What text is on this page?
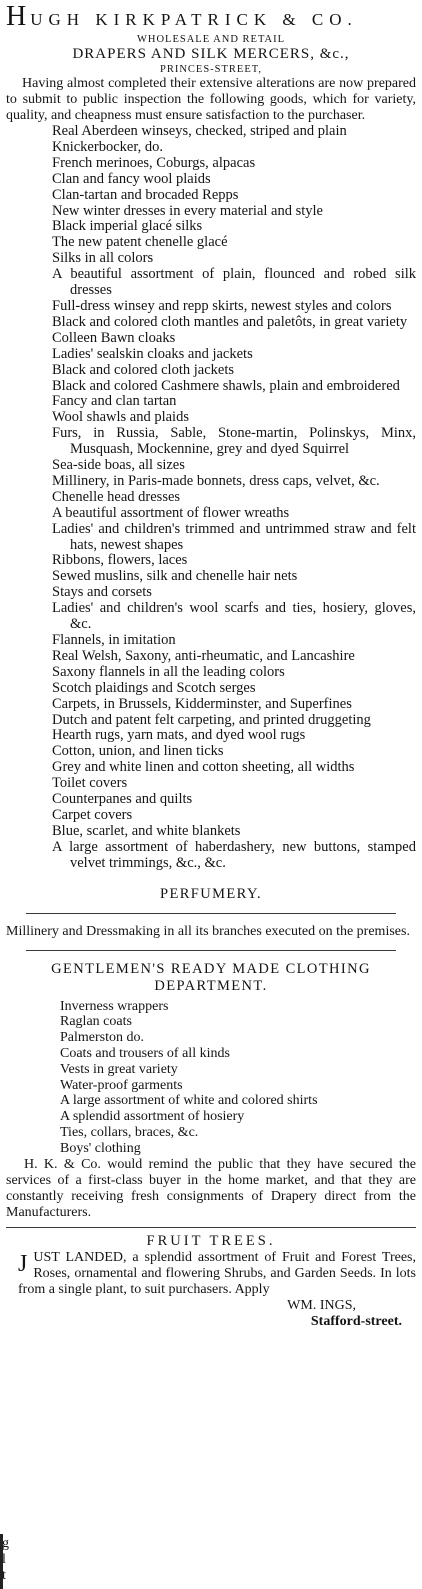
HUGH KIRKPATRICK & CO.
WHOLESALE AND RETAIL
DRAPERS AND SILK MERCERS, &c.,
PRINCES-STREET,

Having almost completed their extensive alterations are now prepared to submit to public inspection the following goods, which for variety, quality, and cheapness must ensure satisfaction to the purchaser.

Real Aberdeen winseys, checked, striped and plain
Knickerbocker, do.
French merinoes, Coburgs, alpacas
Clan and fancy wool plaids
Clan-tartan and brocaded Repps
New winter dresses in every material and style
Black imperial glacé silks
The new patent chenelle glacé
Silks in all colors
A beautiful assortment of plain, flounced and robed silk dresses
Full-dress winsey and repp skirts, newest styles and colors
Black and colored cloth mantles and paletôts, in great variety
Colleen Bawn cloaks
Ladies' sealskin cloaks and jackets
Black and colored cloth jackets
Black and colored Cashmere shawls, plain and embroidered
Fancy and clan tartan
Wool shawls and plaids
Furs, in Russia, Sable, Stone-martin, Polinskys, Minx, Musquash, Mockennine, grey and dyed Squirrel
Sea-side boas, all sizes
Millinery, in Paris-made bonnets, dress caps, velvet, &c.
Chenelle head dresses
A beautiful assortment of flower wreaths
Ladies' and children's trimmed and untrimmed straw and felt hats, newest shapes
Ribbons, flowers, laces
Sewed muslins, silk and chenelle hair nets
Stays and corsets
Ladies' and children's wool scarfs and ties, hosiery, gloves, &c.
Flannels, in imitation
Real Welsh, Saxony, anti-rheumatic, and Lancashire
Saxony flannels in all the leading colors
Scotch plaidings and Scotch serges
Carpets, in Brussels, Kidderminster, and Superfines
Dutch and patent felt carpeting, and printed druggeting
Hearth rugs, yarn mats, and dyed wool rugs
Cotton, union, and linen ticks
Grey and white linen and cotton sheeting, all widths
Toilet covers
Counterpanes and quilts
Carpet covers
Blue, scarlet, and white blankets
A large assortment of haberdashery, new buttons, stamped velvet trimmings, &c., &c.
PERFUMERY.

Millinery and Dressmaking in all its branches executed on the premises.

GENTLEMEN'S READY MADE CLOTHING
DEPARTMENT.
Inverness wrappers
Raglan coats
Palmerston do.
Coats and trousers of all kinds
Vests in great variety
Water-proof garments
A large assortment of white and colored shirts
A splendid assortment of hosiery
Ties, collars, braces, &c.
Boys' clothing

H. K. & Co. would remind the public that they have secured the services of a first-class buyer in the home market, and that they are constantly receiving fresh consignments of Drapery direct from the Manufacturers.

FRUIT TREES.

JUST LANDED, a splendid assortment of Fruit and Forest Trees, Roses, ornamental and flowering Shrubs, and Garden Seeds. In lots from a single plant, to suit purchasers. Apply

WM. INGS,
Stafford-street.
g
l
t
